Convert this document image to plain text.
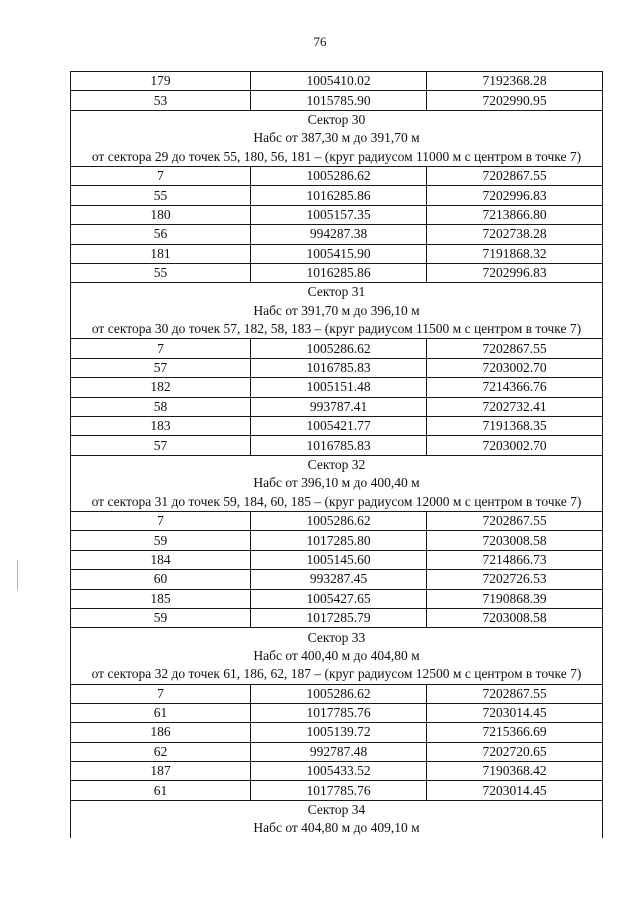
76
179	1005410.02	7192368.28
53	1015785.90	7202990.95
Сектор 30		
Набс от 387,30 м до 391,70 м		
от сектора 29 до точек 55, 180, 56, 181 – (круг радиусом 11000 м с центром в точке 7)		
7	1005286.62	7202867.55
55	1016285.86	7202996.83
180	1005157.35	7213866.80
56	994287.38	7202738.28
181	1005415.90	7191868.32
55	1016285.86	7202996.83
Сектор 31		
Набс от 391,70 м до 396,10 м		
от сектора 30 до точек 57, 182, 58, 183 – (круг радиусом 11500 м с центром в точке 7)		
7	1005286.62	7202867.55
57	1016785.83	7203002.70
182	1005151.48	7214366.76
58	993787.41	7202732.41
183	1005421.77	7191368.35
57	1016785.83	7203002.70
Сектор 32		
Набс от 396,10 м до 400,40 м		
от сектора 31 до точек 59, 184, 60, 185 – (круг радиусом 12000 м с центром в точке 7)		
7	1005286.62	7202867.55
59	1017285.80	7203008.58
184	1005145.60	7214866.73
60	993287.45	7202726.53
185	1005427.65	7190868.39
59	1017285.79	7203008.58
Сектор 33		
Набс от 400,40 м до 404,80 м		
от сектора 32 до точек 61, 186, 62, 187 – (круг радиусом 12500 м с центром в точке 7)		
7	1005286.62	7202867.55
61	1017785.76	7203014.45
186	1005139.72	7215366.69
62	992787.48	7202720.65
187	1005433.52	7190368.42
61	1017785.76	7203014.45
Сектор 34		
Набс от 404,80 м до 409,10 м		
